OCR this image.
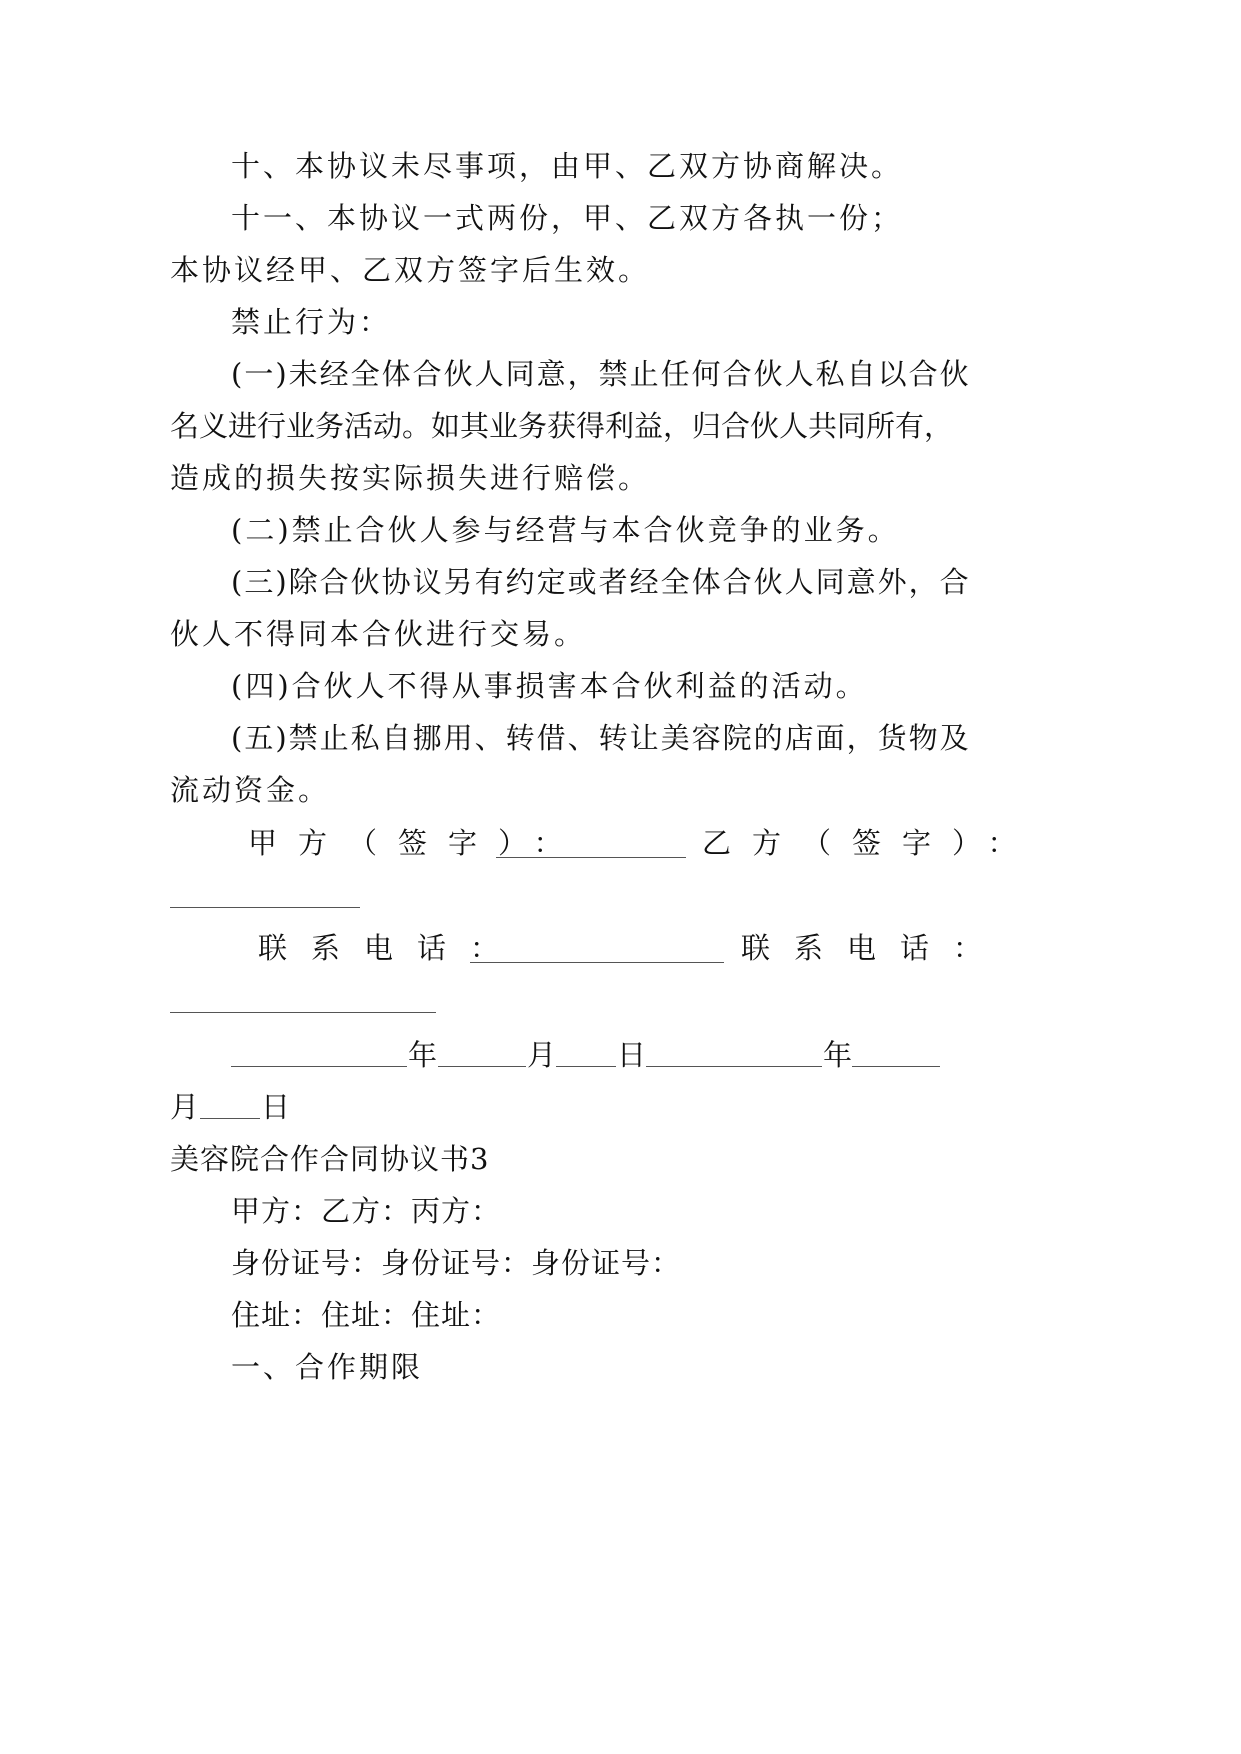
十、本协议未尽事项，由甲、乙双方协商解决。
十一、本协议一式两份，甲、乙双方各执一份；
本协议经甲、乙双方签字后生效。
禁止行为：
(一)未经全体合伙人同意，禁止任何合伙人私自以合伙
名义进行业务活动。如其业务获得利益，归合伙人共同所有，
造成的损失按实际损失进行赔偿。
(二)禁止合伙人参与经营与本合伙竞争的业务。
(三)除合伙协议另有约定或者经全体合伙人同意外，合
伙人不得同本合伙进行交易。
(四)合伙人不得从事损害本合伙利益的活动。
(五)禁止私自挪用、转借、转让美容院的店面，货物及
流动资金。
甲方（签字）：	乙方（签字）：
联系电话：	联系电话：
年	月 日	年
月 日
美容院合作合同协议书3
甲方：乙方：丙方：
身份证号：身份证号：身份证号：
住址：住址：住址：
一、合作期限
